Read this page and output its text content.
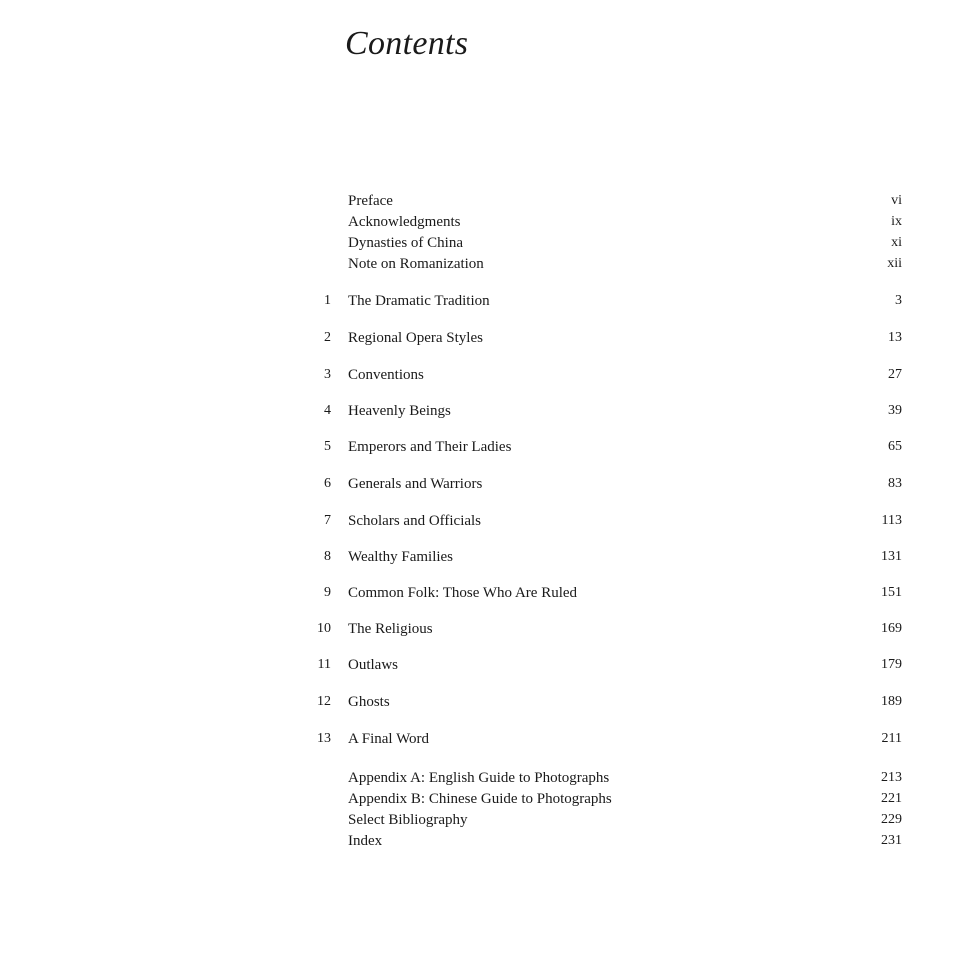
Contents
Preface	vi
Acknowledgments	ix
Dynasties of China	xi
Note on Romanization	xii
1 The Dramatic Tradition	3
2 Regional Opera Styles	13
3 Conventions	27
4 Heavenly Beings	39
5 Emperors and Their Ladies	65
6 Generals and Warriors	83
7 Scholars and Officials	113
8 Wealthy Families	131
9 Common Folk: Those Who Are Ruled	151
10 The Religious	169
11 Outlaws	179
12 Ghosts	189
13 A Final Word	211
Appendix A: English Guide to Photographs	213
Appendix B: Chinese Guide to Photographs	221
Select Bibliography	229
Index	231
